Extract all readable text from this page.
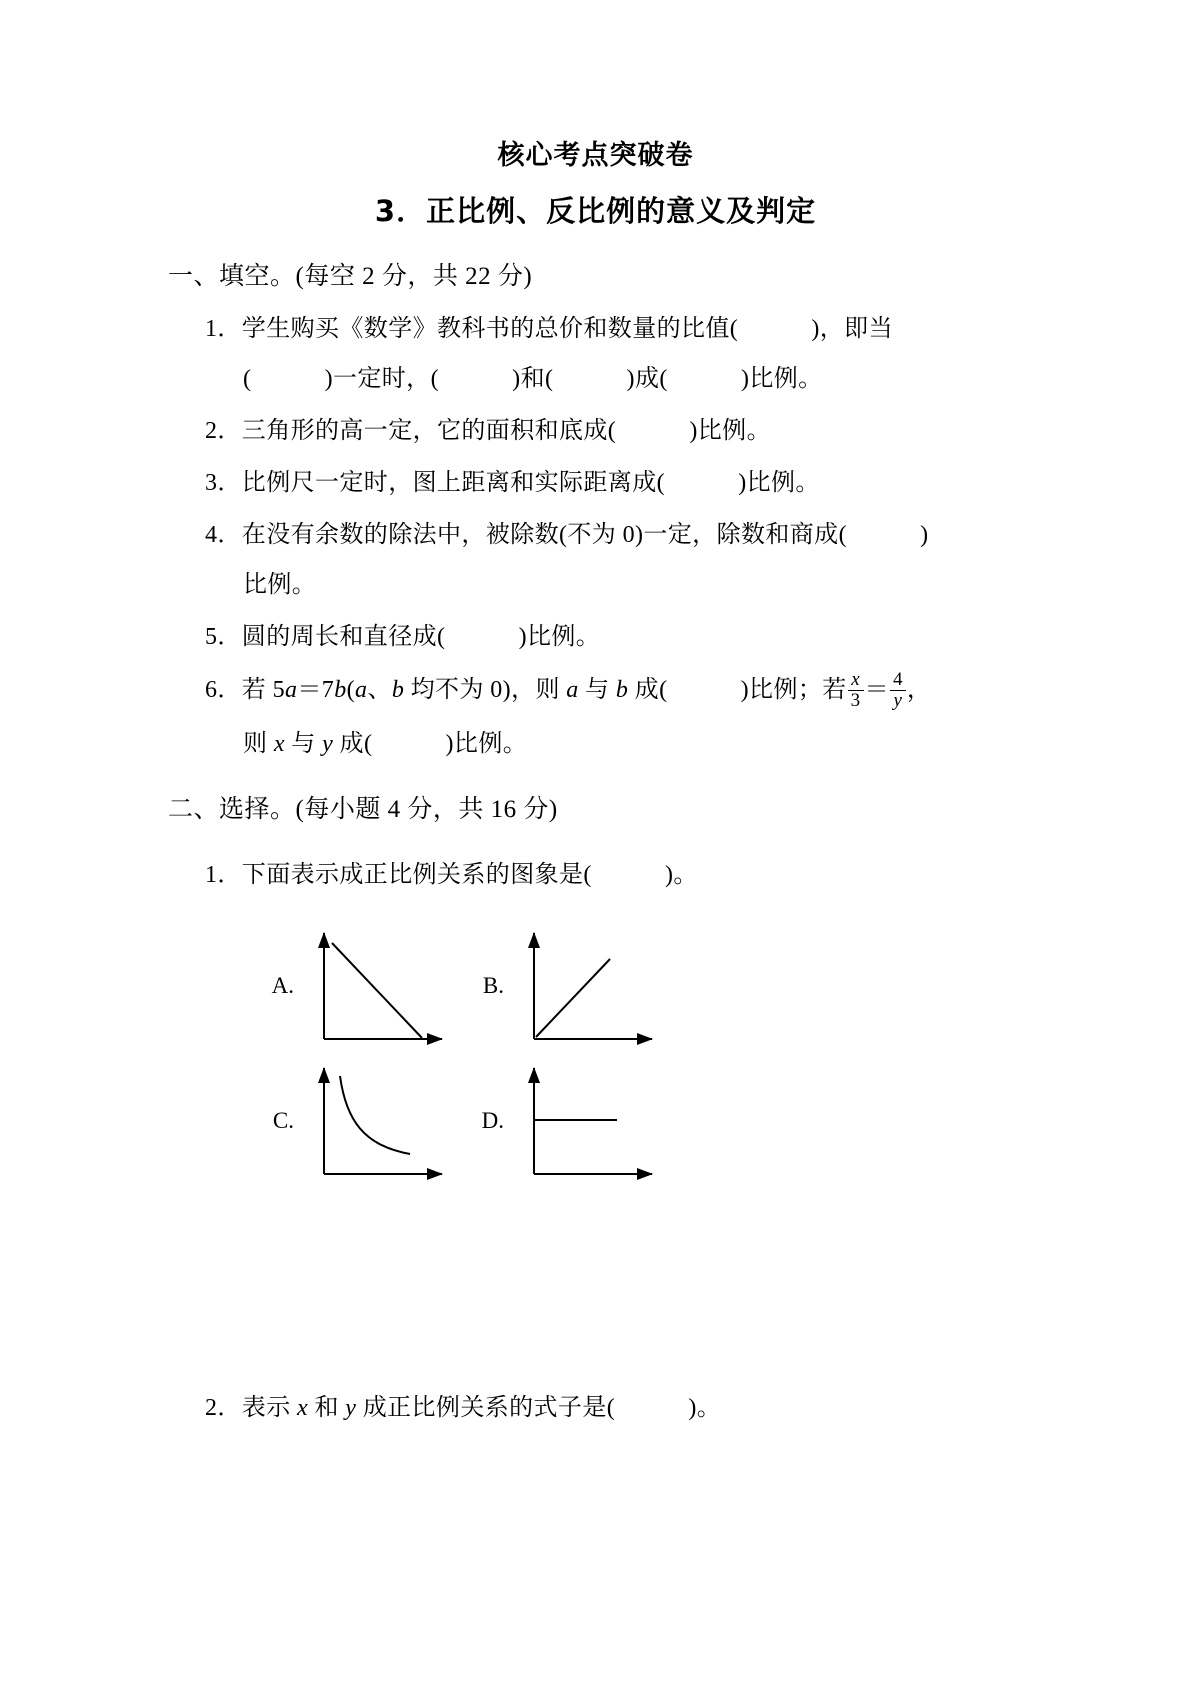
核心考点突破卷
3．正比例、反比例的意义及判定
一、填空。(每空 2 分，共 22 分)
1．学生购买《数学》教科书的总价和数量的比值(　　　)，即当
(　　　)一定时，(　　　)和(　　　)成(　　　)比例。
2．三角形的高一定，它的面积和底成(　　　)比例。
3．比例尺一定时，图上距离和实际距离成(　　　)比例。
4．在没有余数的除法中，被除数(不为 0)一定，除数和商成(　　　)
比例。
5．圆的周长和直径成(　　　)比例。
6．若 5a＝7b(a、b 均不为 0)，则 a 与 b 成(　　　)比例；若 $\frac{x}{3} = \frac{4}{y}$ ，
则 x 与 y 成(　　　)比例。
二、选择。(每小题 4 分，共 16 分)
1．下面表示成正比例关系的图象是(　　　)。
A.	B.
C.	D.
2．表示 x 和 y 成正比例关系的式子是(　　　)。
